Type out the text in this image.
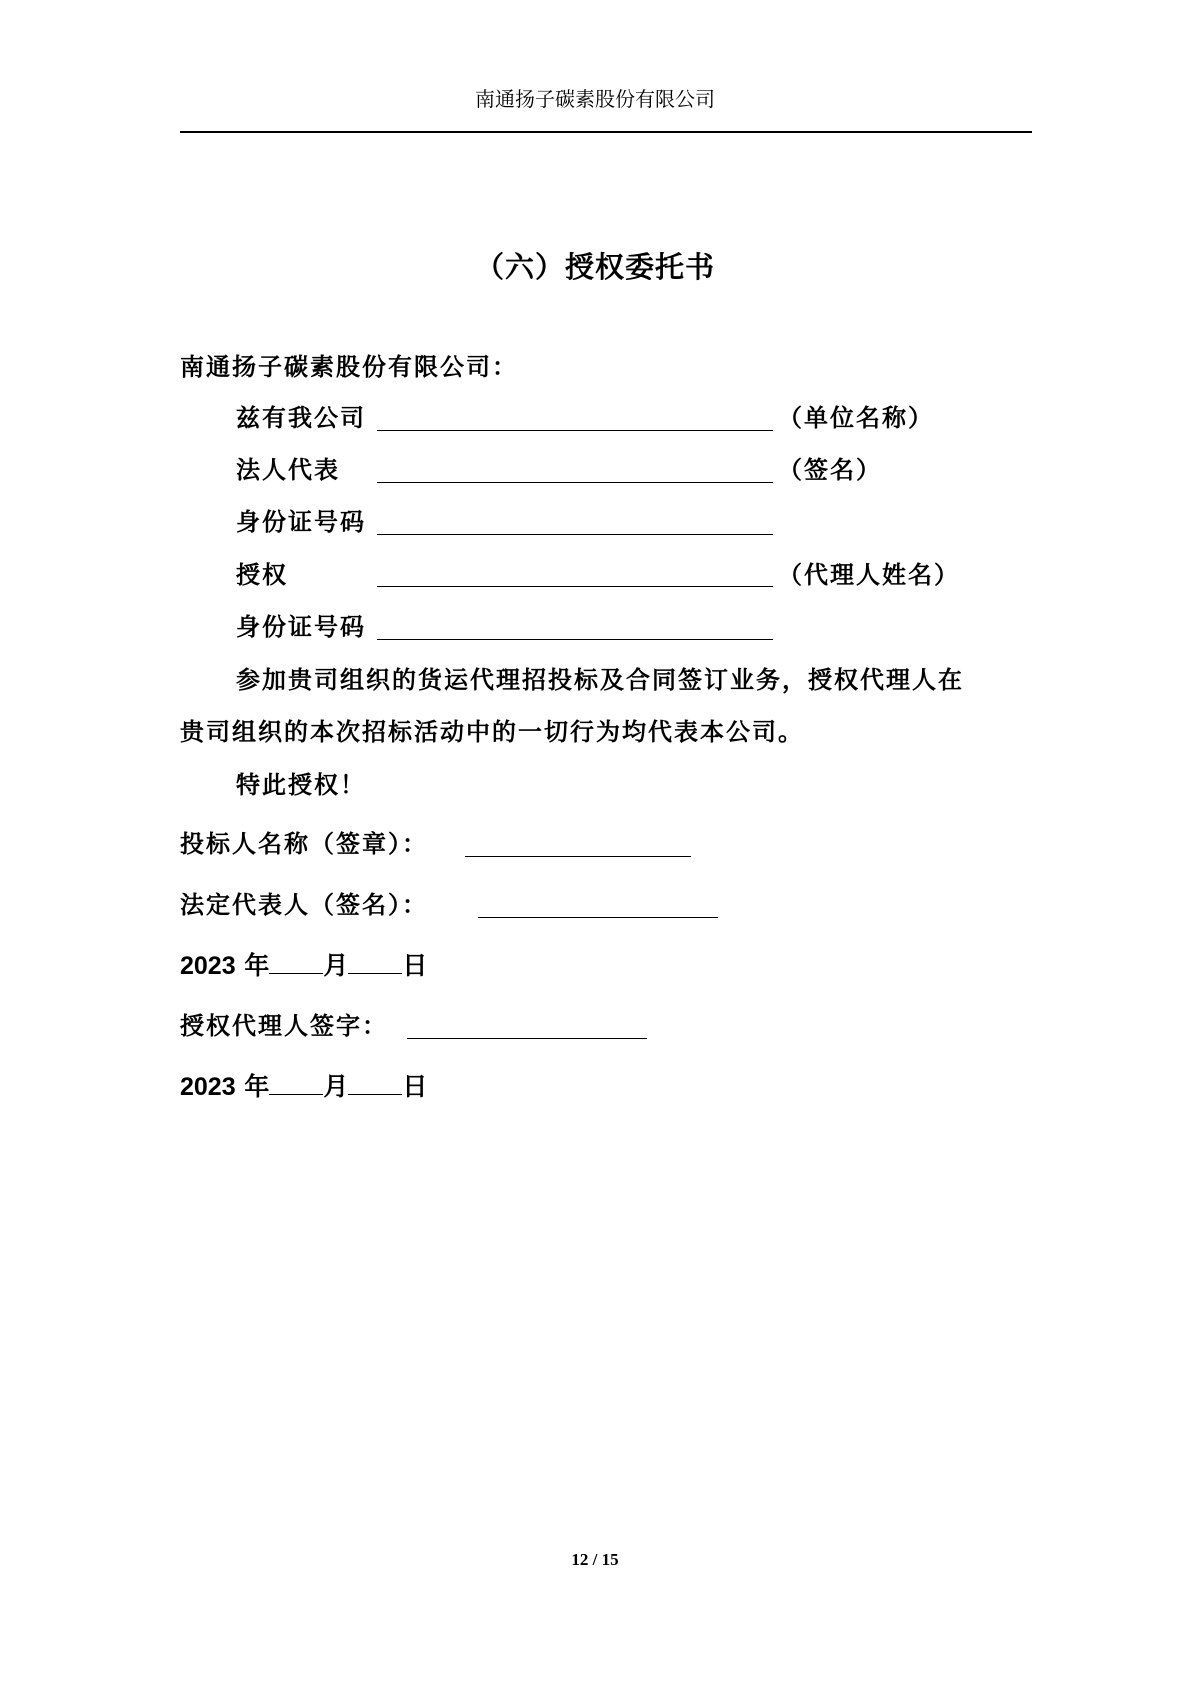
南通扬子碳素股份有限公司
（六）授权委托书
南通扬子碳素股份有限公司：
兹有我公司	（单位名称）
法人代表	（签名）
身份证号码
授权	（代理人姓名）
身份证号码
参加贵司组织的货运代理招投标及合同签订业务，授权代理人在
贵司组织的本次招标活动中的一切行为均代表本公司。
特此授权！
投标人名称（签章）：
法定代表人（签名）：
2023 年 月 日
授权代理人签字：
2023 年 月 日
12 / 15
